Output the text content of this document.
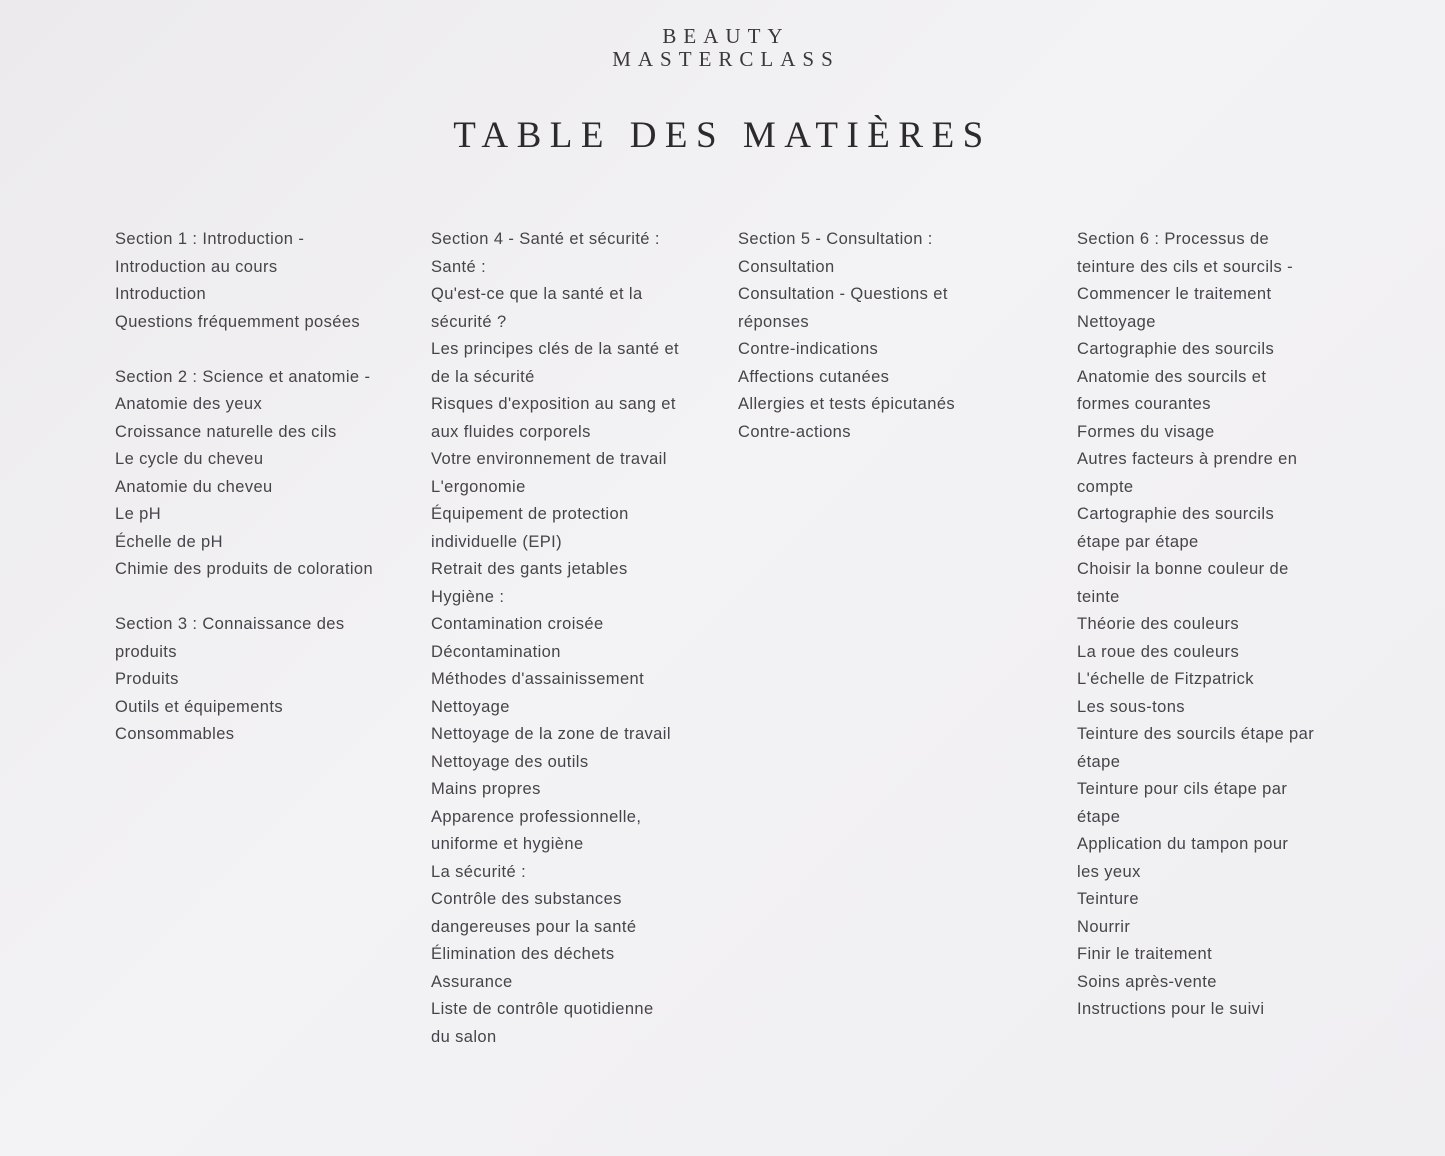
BEAUTY
MASTERCLASS
TABLE DES MATIÈRES
Section 1 : Introduction -
Introduction au cours
Introduction
Questions fréquemment posées
Section 2 : Science et anatomie -
Anatomie des yeux
Croissance naturelle des cils
Le cycle du cheveu
Anatomie du cheveu
Le pH
Échelle de pH
Chimie des produits de coloration
Section 3 : Connaissance des
produits
Produits
Outils et équipements
Consommables
Section 4 - Santé et sécurité :
Santé :
Qu'est-ce que la santé et la
sécurité ?
Les principes clés de la santé et
de la sécurité
Risques d'exposition au sang et
aux fluides corporels
Votre environnement de travail
L'ergonomie
Équipement de protection
individuelle (EPI)
Retrait des gants jetables
Hygiène :
Contamination croisée
Décontamination
Méthodes d'assainissement
Nettoyage
Nettoyage de la zone de travail
Nettoyage des outils
Mains propres
Apparence professionnelle,
uniforme et hygiène
La sécurité :
Contrôle des substances
dangereuses pour la santé
Élimination des déchets
Assurance
Liste de contrôle quotidienne
du salon
Section 5 - Consultation :
Consultation
Consultation - Questions et
réponses
Contre-indications
Affections cutanées
Allergies et tests épicutanés
Contre-actions
Section 6 : Processus de
teinture des cils et sourcils -
Commencer le traitement
Nettoyage
Cartographie des sourcils
Anatomie des sourcils et
formes courantes
Formes du visage
Autres facteurs à prendre en
compte
Cartographie des sourcils
étape par étape
Choisir la bonne couleur de
teinte
Théorie des couleurs
La roue des couleurs
L'échelle de Fitzpatrick
Les sous-tons
Teinture des sourcils étape par
étape
Teinture pour cils étape par
étape
Application du tampon pour
les yeux
Teinture
Nourrir
Finir le traitement
Soins après-vente
Instructions pour le suivi
